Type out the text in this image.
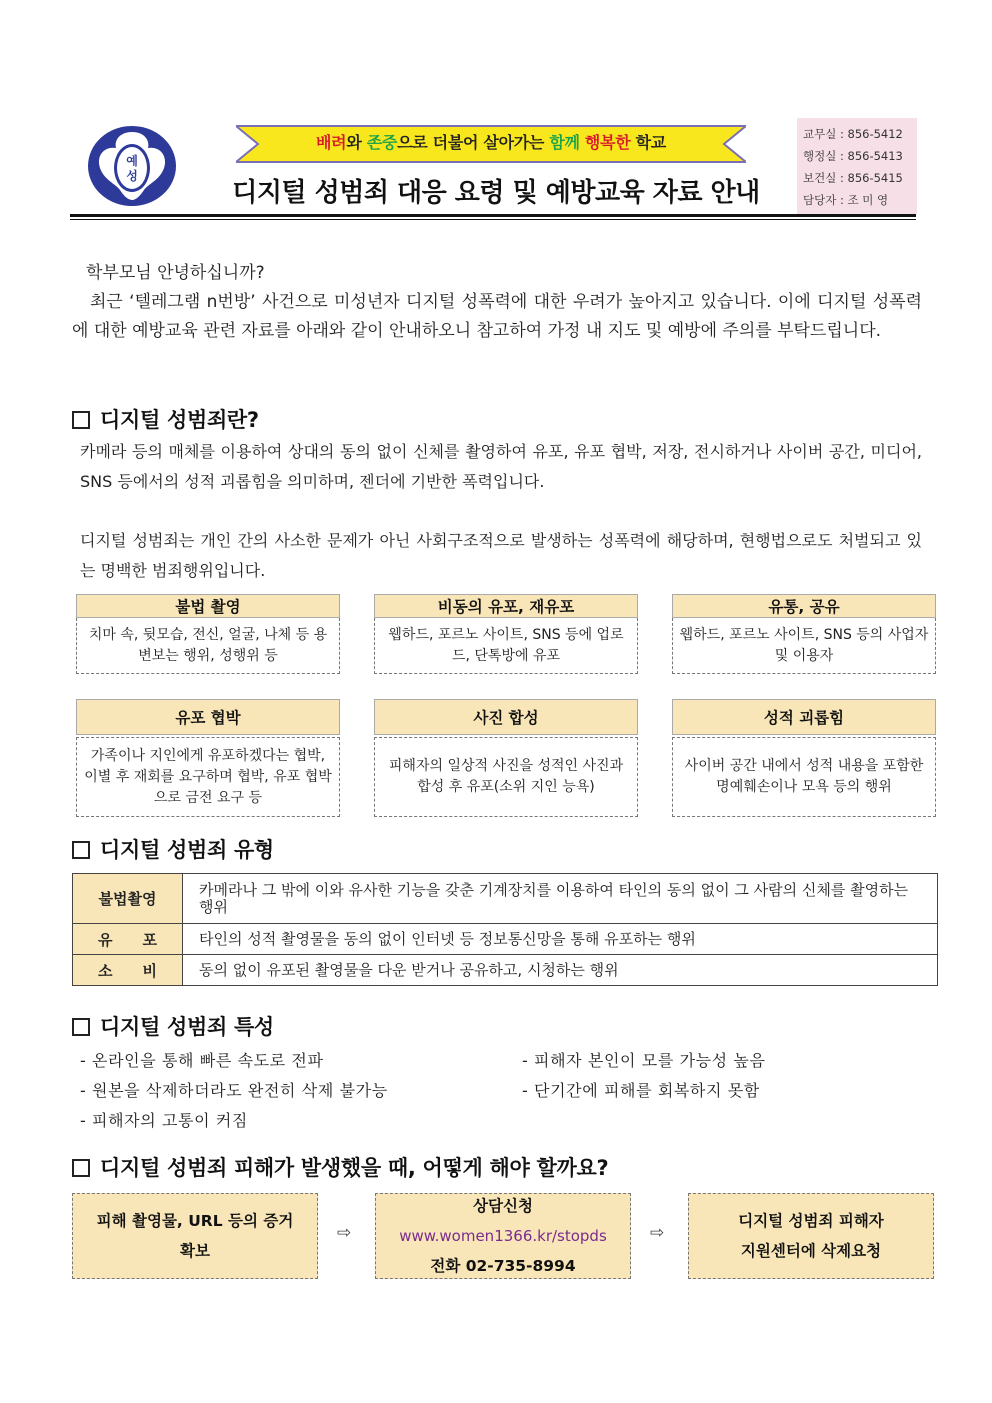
예
성
배려와 존중으로 더불어 살아가는 함께 행복한 학교
디지털 성범죄 대응 요령 및 예방교육 자료 안내
교무실 : 856-5412
행정실 : 856-5413
보건실 : 856-5415
담당자 : 조 미 영
학부모님 안녕하십니까?
최근 ‘텔레그램 n번방’ 사건으로 미성년자 디지털 성폭력에 대한 우려가 높아지고 있습니다. 이에 디지털 성폭력에 대한 예방교육 관련 자료를 아래와 같이 안내하오니 참고하여 가정 내 지도 및 예방에 주의를 부탁드립니다.
디지털 성범죄란?
카메라 등의 매체를 이용하여 상대의 동의 없이 신체를 촬영하여 유포, 유포 협박, 저장, 전시하거나 사이버 공간, 미디어, SNS 등에서의 성적 괴롭힘을 의미하며, 젠더에 기반한 폭력입니다.
디지털 성범죄는 개인 간의 사소한 문제가 아닌 사회구조적으로 발생하는 성폭력에 해당하며, 현행법으로도 처벌되고 있는 명백한 범죄행위입니다.
불법 촬영
치마 속, 뒷모습, 전신, 얼굴, 나체 등 용변보는 행위, 성행위 등
비동의 유포, 재유포
웹하드, 포르노 사이트, SNS 등에 업로드, 단톡방에 유포
유통, 공유
웹하드, 포르노 사이트, SNS 등의 사업자 및 이용자
유포 협박
가족이나 지인에게 유포하겠다는 협박, 이별 후 재회를 요구하며 협박, 유포 협박으로 금전 요구 등
사진 합성
피해자의 일상적 사진을 성적인 사진과 합성 후 유포(소위 지인 능욕)
성적 괴롭힘
사이버 공간 내에서 성적 내용을 포함한 명예훼손이나 모욕 등의 행위
디지털 성범죄 유형
불법촬영	카메라나 그 밖에 이와 유사한 기능을 갖춘 기계장치를 이용하여 타인의 동의 없이 그 사람의 신체를 촬영하는 행위
유　　포	타인의 성적 촬영물을 동의 없이 인터넷 등 정보통신망을 통해 유포하는 행위
소　　비	동의 없이 유포된 촬영물을 다운 받거나 공유하고, 시청하는 행위
디지털 성범죄 특성
- 온라인을 통해 빠른 속도로 전파
- 원본을 삭제하더라도 완전히 삭제 불가능
- 피해자의 고통이 커짐
- 피해자 본인이 모를 가능성 높음
- 단기간에 피해를 회복하지 못함
디지털 성범죄 피해가 발생했을 때, 어떻게 해야 할까요?
피해 촬영물, URL 등의 증거
확보
⇨
상담신청
www.women1366.kr/stopds
전화 02-735-8994
⇨
디지털 성범죄 피해자
지원센터에 삭제요청
